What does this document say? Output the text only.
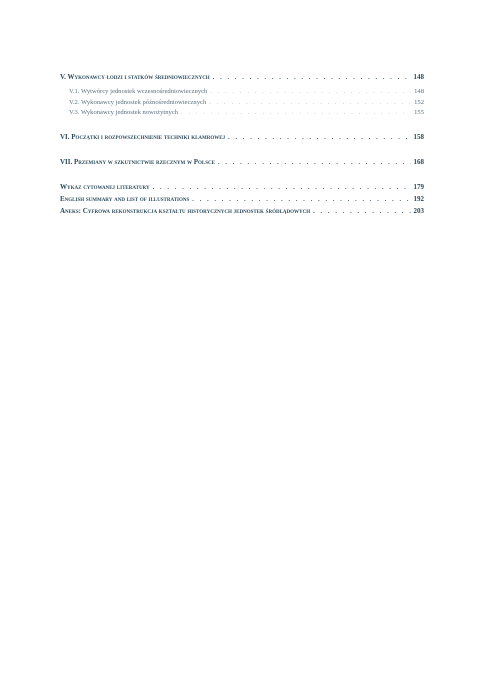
V. Wykonawcy łodzi i statków średniowiecznych . . .	148
V.1. Wytwórcy jednostek wczesnośredniowiecznych . . .	148
V.2. Wykonawcy jednostek późnośredniowiecznych . . .	152
V.3. Wykonawcy jednostek nowożytnych . . .	155
VI. Początki i rozpowszechnienie techniki klamrowej . . .	158
VII. Przemiany w szkutnictwie rzecznym w Polsce . . .	168
Wykaz cytowanej literatury . . .	179
English summary and list of illustrations . . .	192
Aneks: Cyfrowa rekonstrukcja kształtu historycznych jednostek śródlądowych . . .	203
